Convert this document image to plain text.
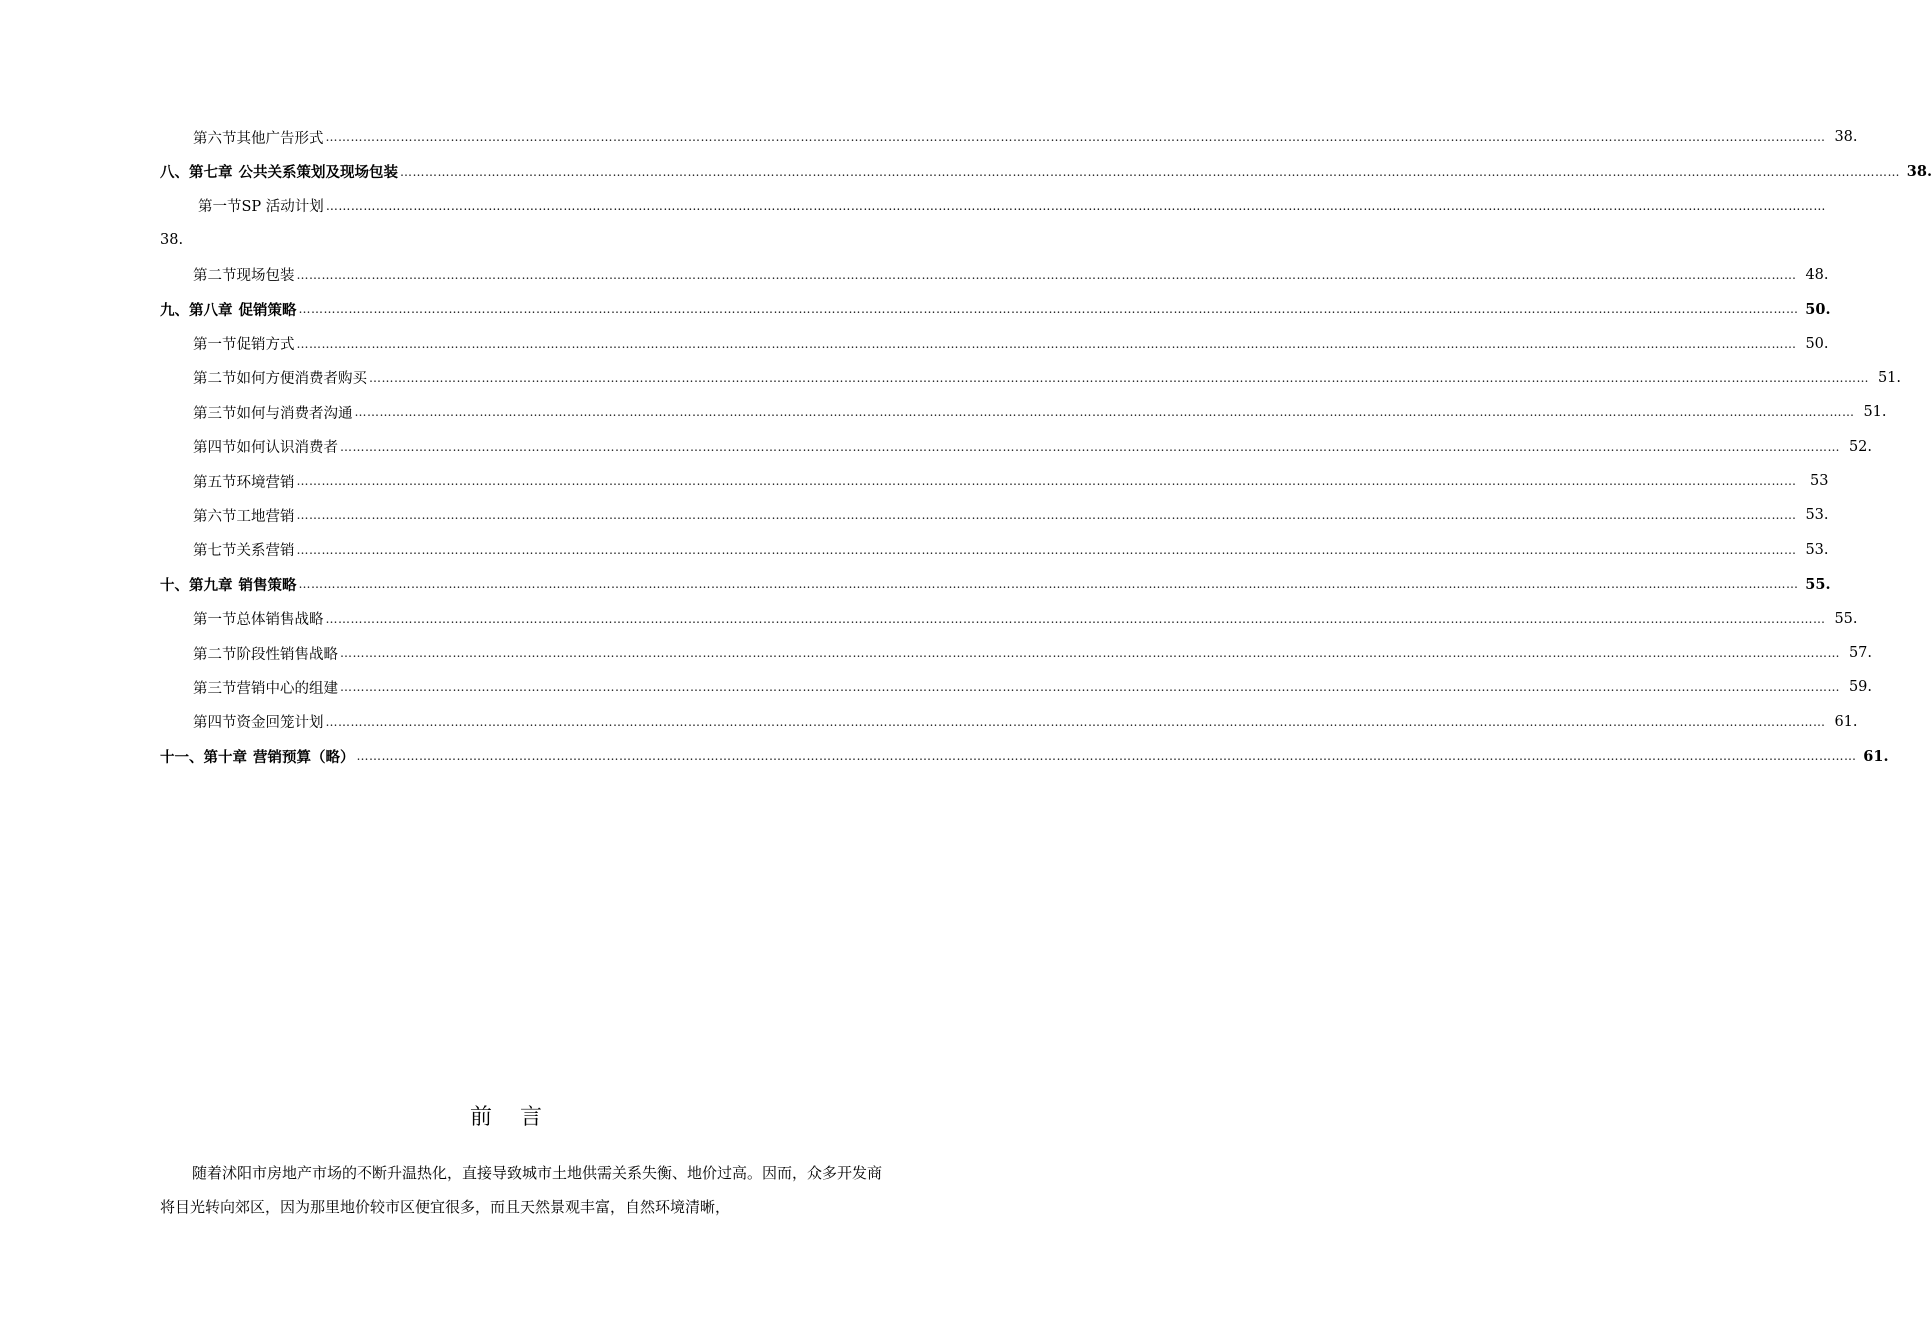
第六节 其他广告形式 ……………………………………………………………………………………………………………………………………………………………………………………………………………………………………………………………………………………………………………………………… 38.
八、第七章 公共关系策划及现场包装 ……………………………………………………………………………………………………………………………………………………………………………………………………………………………………………………………………………………………………………………………… 38.
第一节 SP 活动计划 ………………………………………………………………………………………………………………………………………………………………………………………………………………………………………………………………………………………………………………………………
38.
第二节 现场包装 ……………………………………………………………………………………………………………………………………………………………………………………………………………………………………………………………………………………………………………………………… 48.
九、第八章 促销策略 ……………………………………………………………………………………………………………………………………………………………………………………………………………………………………………………………………………………………………………………………… 50.
第一节 促销方式 ……………………………………………………………………………………………………………………………………………………………………………………………………………………………………………………………………………………………………………………………… 50.
第二节 如何方便消费者购买 ……………………………………………………………………………………………………………………………………………………………………………………………………………………………………………………………………………………………………………………………… 51.
第三节 如何与消费者沟通 ……………………………………………………………………………………………………………………………………………………………………………………………………………………………………………………………………………………………………………………………… 51.
第四节 如何认识消费者 ……………………………………………………………………………………………………………………………………………………………………………………………………………………………………………………………………………………………………………………………… 52.
第五节 环境营销 ……………………………………………………………………………………………………………………………………………………………………………………………………………………………………………………………………………………………………………………………… 53
第六节 工地营销 ……………………………………………………………………………………………………………………………………………………………………………………………………………………………………………………………………………………………………………………………… 53.
第七节 关系营销 ……………………………………………………………………………………………………………………………………………………………………………………………………………………………………………………………………………………………………………………………… 53.
十、第九章 销售策略 ……………………………………………………………………………………………………………………………………………………………………………………………………………………………………………………………………………………………………………………………… 55.
第一节 总体销售战略 ……………………………………………………………………………………………………………………………………………………………………………………………………………………………………………………………………………………………………………………………… 55.
第二节 阶段性销售战略 ……………………………………………………………………………………………………………………………………………………………………………………………………………………………………………………………………………………………………………………………… 57.
第三节 营销中心的组建 ……………………………………………………………………………………………………………………………………………………………………………………………………………………………………………………………………………………………………………………………… 59.
第四节 资金回笼计划 ……………………………………………………………………………………………………………………………………………………………………………………………………………………………………………………………………………………………………………………………… 61.
十一、第十章 营销预算（略） ……………………………………………………………………………………………………………………………………………………………………………………………………………………………………………………………………………………………………………………………… 61.
前言

随着沭阳市房地产市场的不断升温热化，直接导致城市土地供需关系失衡、地价过高。因而，众多开发商将目光转向郊区，因为那里地价较市区便宜很多，而且天然景观丰富，自然环境清晰，
